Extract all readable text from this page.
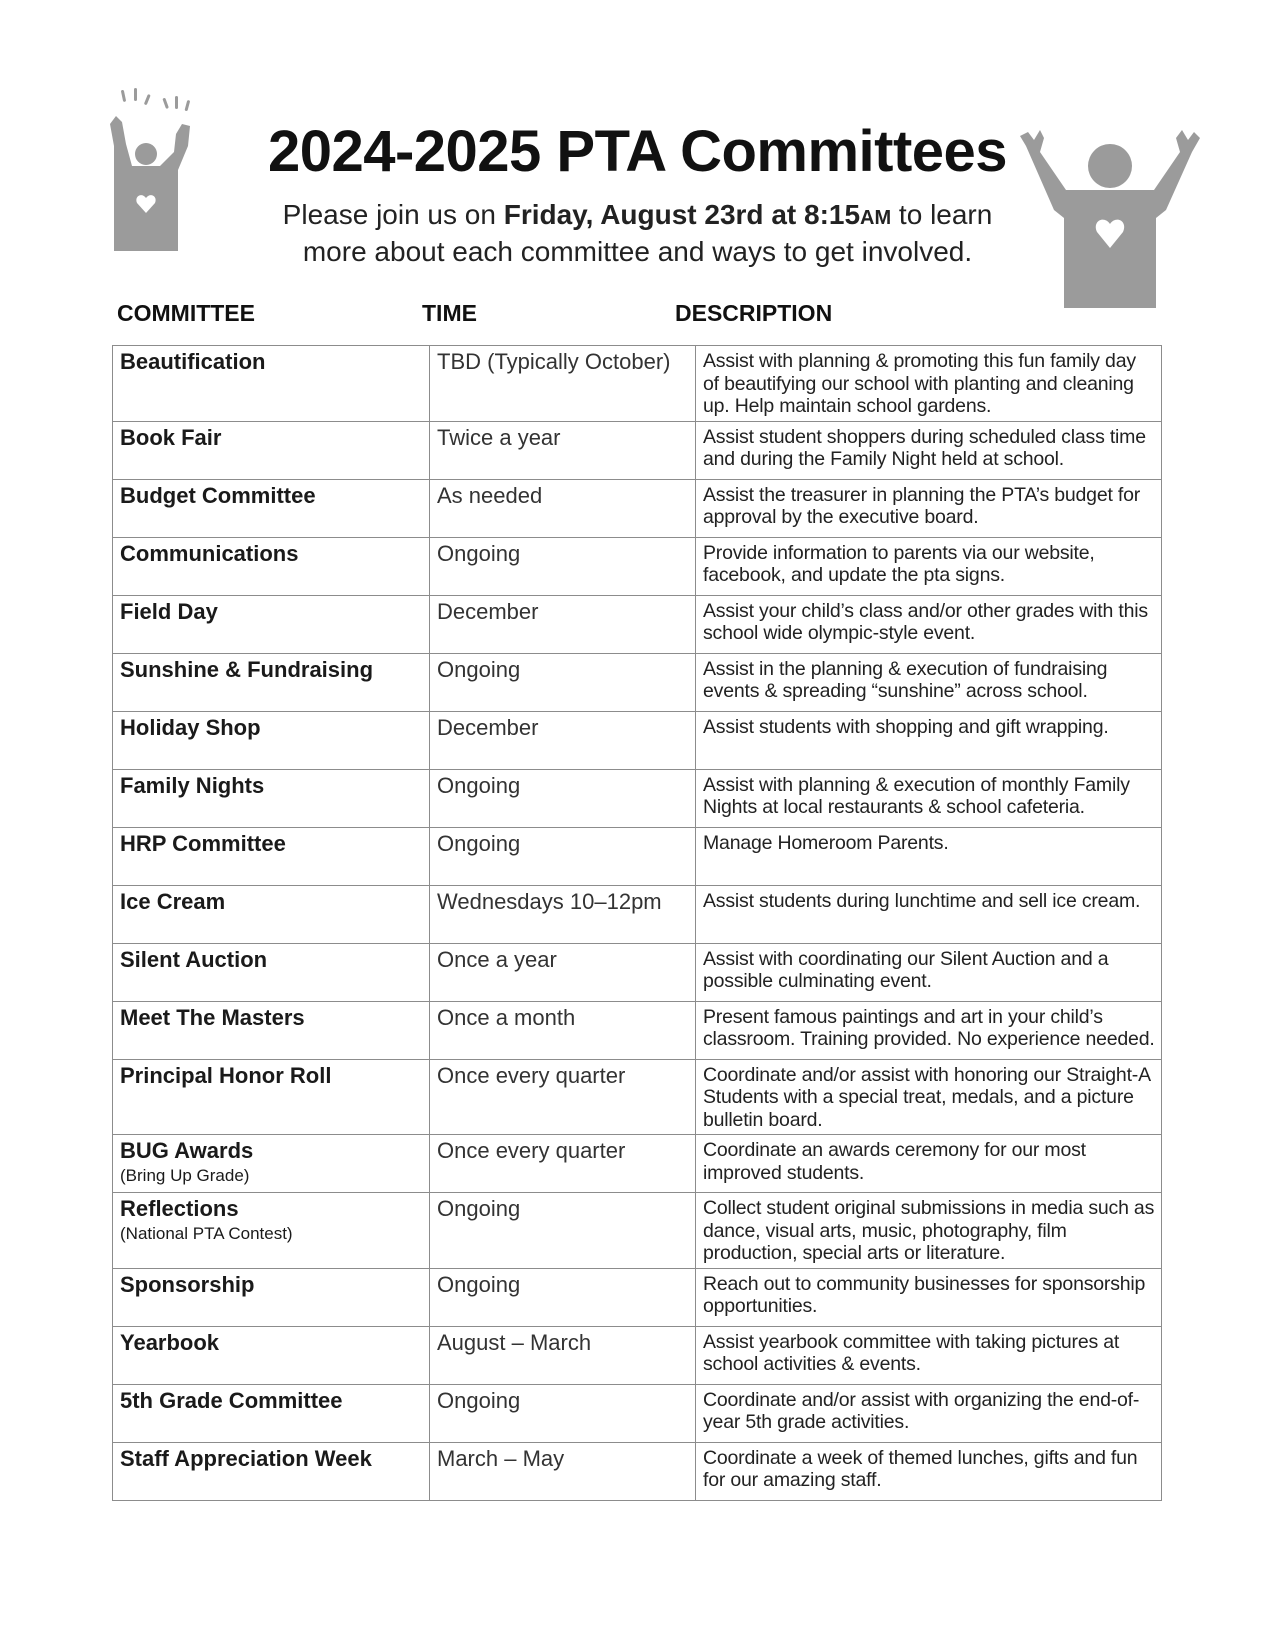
2024-2025 PTA Committees

Please join us on Friday, August 23rd at 8:15AM to learn
more about each committee and ways to get involved.

COMMITTEE	TIME	DESCRIPTION
Beautification	TBD (Typically October)	Assist with planning & promoting this fun family day of beautifying our school with planting and cleaning up. Help maintain school gardens.
Book Fair	Twice a year	Assist student shoppers during scheduled class time and during the Family Night held at school.
Budget Committee	As needed	Assist the treasurer in planning the PTA’s budget for approval by the executive board.
Communications	Ongoing	Provide information to parents via our website, facebook, and update the pta signs.
Field Day	December	Assist your child’s class and/or other grades with this school wide olympic-style event.
Sunshine & Fundraising	Ongoing	Assist in the planning & execution of fundraising events & spreading “sunshine” across school.
Holiday Shop	December	Assist students with shopping and gift wrapping.
Family Nights	Ongoing	Assist with planning & execution of monthly Family Nights at local restaurants & school cafeteria.
HRP Committee	Ongoing	Manage Homeroom Parents.
Ice Cream	Wednesdays 10–12pm	Assist students during lunchtime and sell ice cream.
Silent Auction	Once a year	Assist with coordinating our Silent Auction and a possible culminating event.
Meet The Masters	Once a month	Present famous paintings and art in your child’s classroom. Training provided. No experience needed.
Principal Honor Roll	Once every quarter	Coordinate and/or assist with honoring our Straight-A Students with a special treat, medals, and a picture bulletin board.
BUG Awards
(Bring Up Grade)	Once every quarter	Coordinate an awards ceremony for our most improved students.
Reflections
(National PTA Contest)	Ongoing	Collect student original submissions in media such as dance, visual arts, music, photography, film production, special arts or literature.
Sponsorship	Ongoing	Reach out to community businesses for sponsorship opportunities.
Yearbook	August – March	Assist yearbook committee with taking pictures at school activities & events.
5th Grade Committee	Ongoing	Coordinate and/or assist with organizing the end-of-year 5th grade activities.
Staff Appreciation Week	March – May	Coordinate a week of themed lunches, gifts and fun for our amazing staff.
